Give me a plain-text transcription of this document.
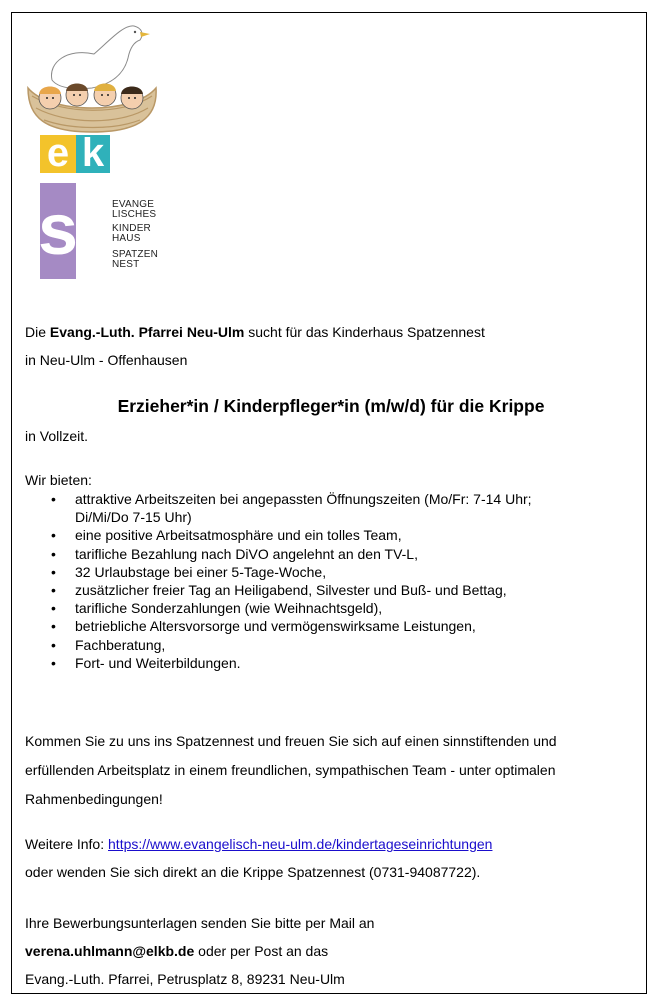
e k
s	EVANGE
LISCHES
KINDER
HAUS
SPATZEN
NEST
Die Evang.-Luth. Pfarrei Neu-Ulm sucht für das Kinderhaus Spatzennest
in Neu-Ulm - Offenhausen
Erzieher*in / Kinderpfleger*in (m/w/d) für die Krippe
in Vollzeit.
Wir bieten:
• attraktive Arbeitszeiten bei angepassten Öffnungszeiten (Mo/Fr: 7-14 Uhr;
Di/Mi/Do 7-15 Uhr)
• eine positive Arbeitsatmosphäre und ein tolles Team,
• tarifliche Bezahlung nach DiVO angelehnt an den TV-L,
• 32 Urlaubstage bei einer 5-Tage-Woche,
• zusätzlicher freier Tag an Heiligabend, Silvester und Buß- und Bettag,
• tarifliche Sonderzahlungen (wie Weihnachtsgeld),
• betriebliche Altersvorsorge und vermögenswirksame Leistungen,
• Fachberatung,
• Fort- und Weiterbildungen.
Kommen Sie zu uns ins Spatzennest und freuen Sie sich auf einen sinnstiftenden und
erfüllenden Arbeitsplatz in einem freundlichen, sympathischen Team - unter optimalen
Rahmenbedingungen!
Weitere Info: https://www.evangelisch-neu-ulm.de/kindertageseinrichtungen
oder wenden Sie sich direkt an die Krippe Spatzennest (0731-94087722).
Ihre Bewerbungsunterlagen senden Sie bitte per Mail an
verena.uhlmann@elkb.de oder per Post an das
Evang.-Luth. Pfarrei, Petrusplatz 8, 89231 Neu-Ulm
